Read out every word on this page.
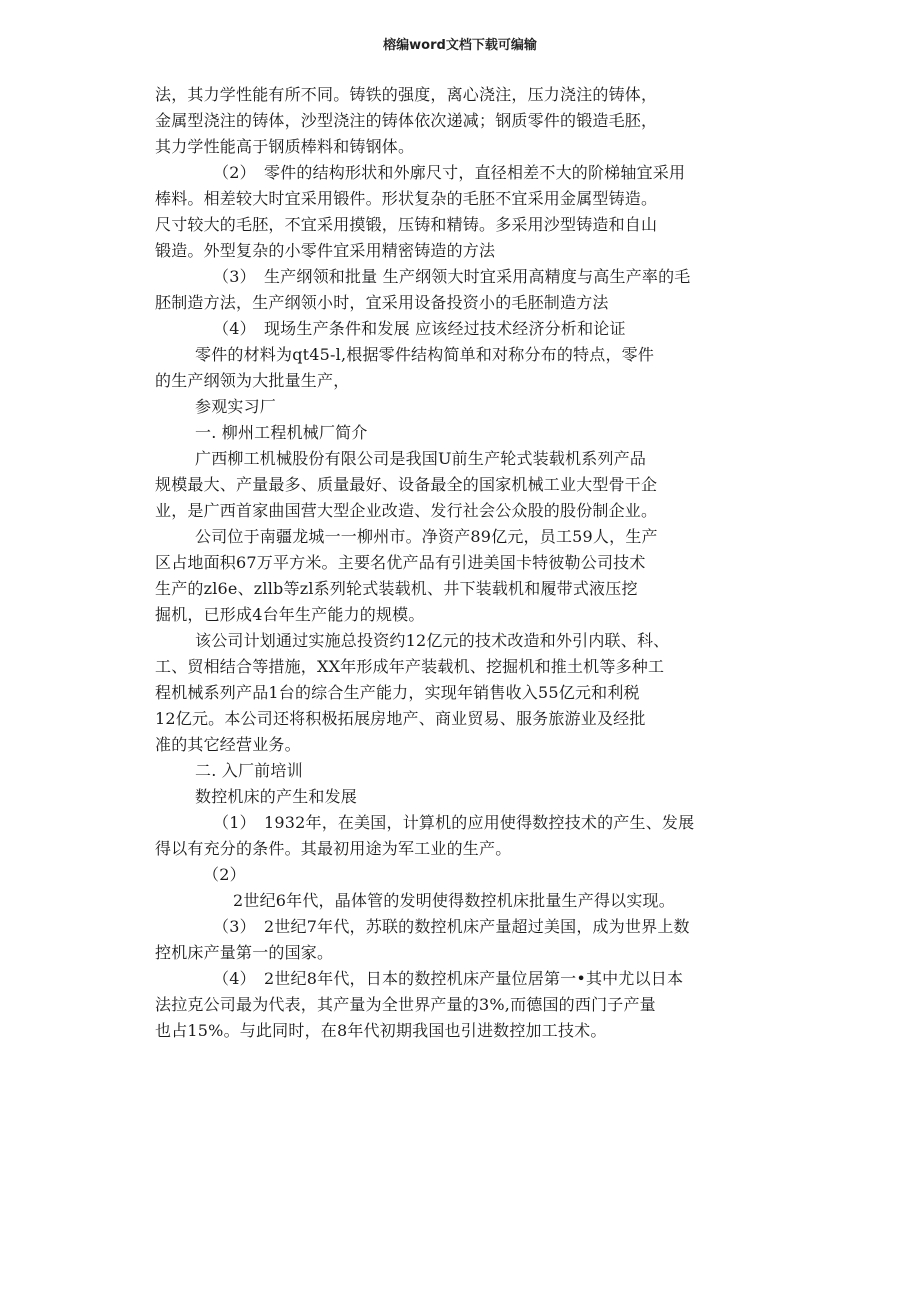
榕编word文档下载可编输
法，其力学性能有所不同。铸铁的强度，离心浇注，压力浇注的铸体，
金属型浇注的铸体，沙型浇注的铸体依次递减；钢质零件的锻造毛胚，
其力学性能高于钢质棒料和铸钢体。
（2）　零件的结构形状和外廓尺寸，直径相差不大的阶梯轴宜采用
棒料。相差较大时宜采用锻件。形状复杂的毛胚不宜采用金属型铸造。
尺寸较大的毛胚，不宜采用摸锻，压铸和精铸。多采用沙型铸造和自山
锻造。外型复杂的小零件宜采用精密铸造的方法
（3）　生产纲领和批量 生产纲领大时宜采用高精度与高生产率的毛
胚制造方法，生产纲领小时，宜采用设备投资小的毛胚制造方法
（4）　现场生产条件和发展 应该经过技术经济分析和论证
零件的材料为qt45-l,根据零件结构简单和对称分布的特点，零件
的生产纲领为大批量生产，
参观实习厂
一. 柳州工程机械厂简介
广西柳工机械股份有限公司是我国U前生产轮式装载机系列产品
规模最大、产量最多、质量最好、设备最全的国家机械工业大型骨干企
业，是广西首家曲国营大型企业改造、发行社会公众股的股份制企业。
公司位于南疆龙城一一柳州市。净资产89亿元，员工59人，生产
区占地面积67万平方米。主要名优产品有引进美国卡特彼勒公司技术
生产的zl6e、zllb等zl系列轮式装载机、井下装载机和履带式液压挖
掘机，已形成4台年生产能力的规模。
该公司计划通过实施总投资约12亿元的技术改造和外引内联、科、
工、贸相结合等措施，XX年形成年产装载机、挖掘机和推土机等多种工
程机械系列产品1台的综合生产能力，实现年销售收入55亿元和利税
12亿元。本公司还将积极拓展房地产、商业贸易、服务旅游业及经批
准的其它经营业务。
二. 入厂前培训
数控机床的产生和发展
（1）　1932年，在美国，计算机的应用使得数控技术的产生、发展
得以有充分的条件。其最初用途为军工业的生产。
（2）
2世纪6年代，晶体管的发明使得数控机床批量生产得以实现。
（3）　2世纪7年代，苏联的数控机床产量超过美国，成为世界上数
控机床产量第一的国家。
（4）　2世纪8年代，日本的数控机床产量位居第一•其中尤以日本
法拉克公司最为代表，其产量为全世界产量的3%,而德国的西门子产量
也占15%。与此同时，在8年代初期我国也引进数控加工技术。
